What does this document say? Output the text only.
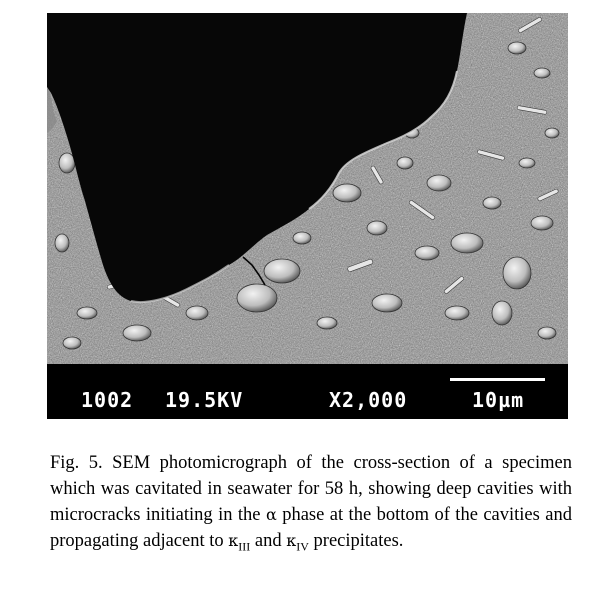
1002 19.5KV	X2,000	10µm
Fig. 5. SEM photomicrograph of the cross-section of a specimen which was cavitated in seawater for 58 h, showing deep cavities with microcracks initiating in the α phase at the bottom of the cavities and propagating adjacent to $\kappa_{III}$ and $\kappa_{IV}$ precipitates.
